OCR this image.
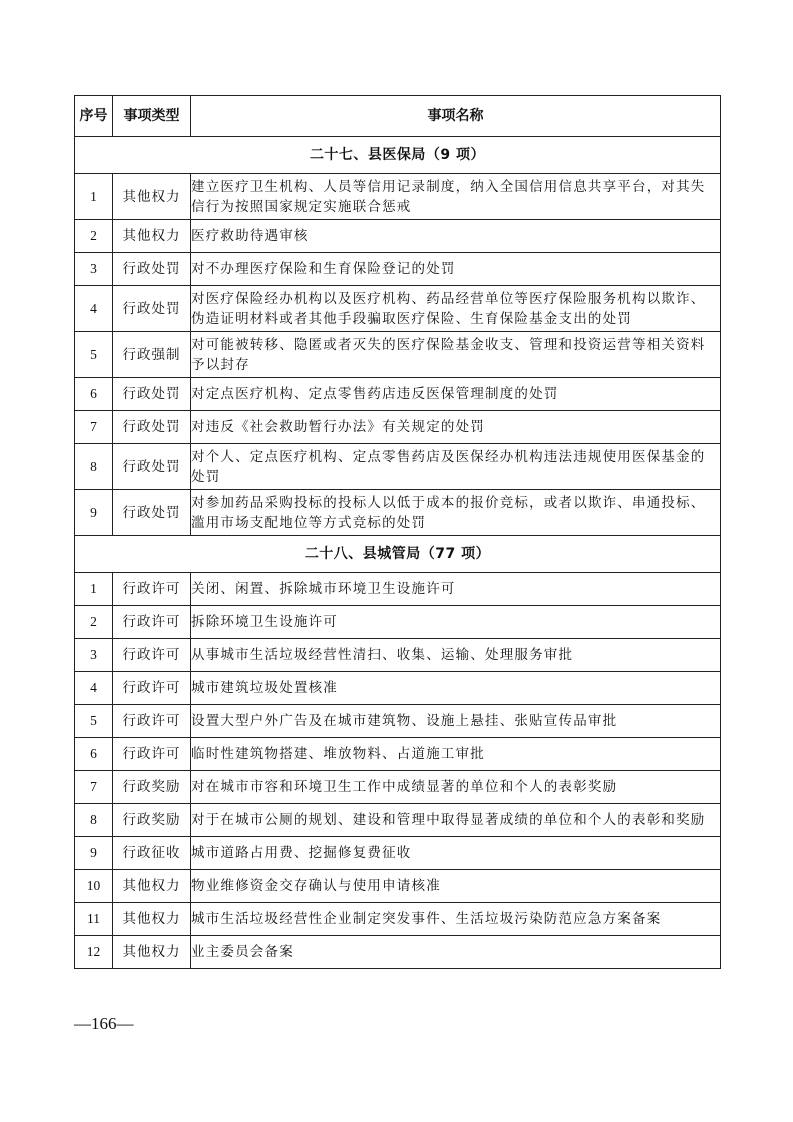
序号	事项类型	事项名称
二十七、县医保局（9 项）		
1	其他权力	建立医疗卫生机构、人员等信用记录制度，纳入全国信用信息共享平台，对其失信行为按照国家规定实施联合惩戒
2	其他权力	医疗救助待遇审核
3	行政处罚	对不办理医疗保险和生育保险登记的处罚
4	行政处罚	对医疗保险经办机构以及医疗机构、药品经营单位等医疗保险服务机构以欺诈、伪造证明材料或者其他手段骗取医疗保险、生育保险基金支出的处罚
5	行政强制	对可能被转移、隐匿或者灭失的医疗保险基金收支、管理和投资运营等相关资料予以封存
6	行政处罚	对定点医疗机构、定点零售药店违反医保管理制度的处罚
7	行政处罚	对违反《社会救助暂行办法》有关规定的处罚
8	行政处罚	对个人、定点医疗机构、定点零售药店及医保经办机构违法违规使用医保基金的处罚
9	行政处罚	对参加药品采购投标的投标人以低于成本的报价竞标，或者以欺诈、串通投标、滥用市场支配地位等方式竞标的处罚
二十八、县城管局（77 项）		
1	行政许可	关闭、闲置、拆除城市环境卫生设施许可
2	行政许可	拆除环境卫生设施许可
3	行政许可	从事城市生活垃圾经营性清扫、收集、运输、处理服务审批
4	行政许可	城市建筑垃圾处置核准
5	行政许可	设置大型户外广告及在城市建筑物、设施上悬挂、张贴宣传品审批
6	行政许可	临时性建筑物搭建、堆放物料、占道施工审批
7	行政奖励	对在城市市容和环境卫生工作中成绩显著的单位和个人的表彰奖励
8	行政奖励	对于在城市公厕的规划、建设和管理中取得显著成绩的单位和个人的表彰和奖励
9	行政征收	城市道路占用费、挖掘修复费征收
10	其他权力	物业维修资金交存确认与使用申请核准
11	其他权力	城市生活垃圾经营性企业制定突发事件、生活垃圾污染防范应急方案备案
12	其他权力	业主委员会备案
—166—
